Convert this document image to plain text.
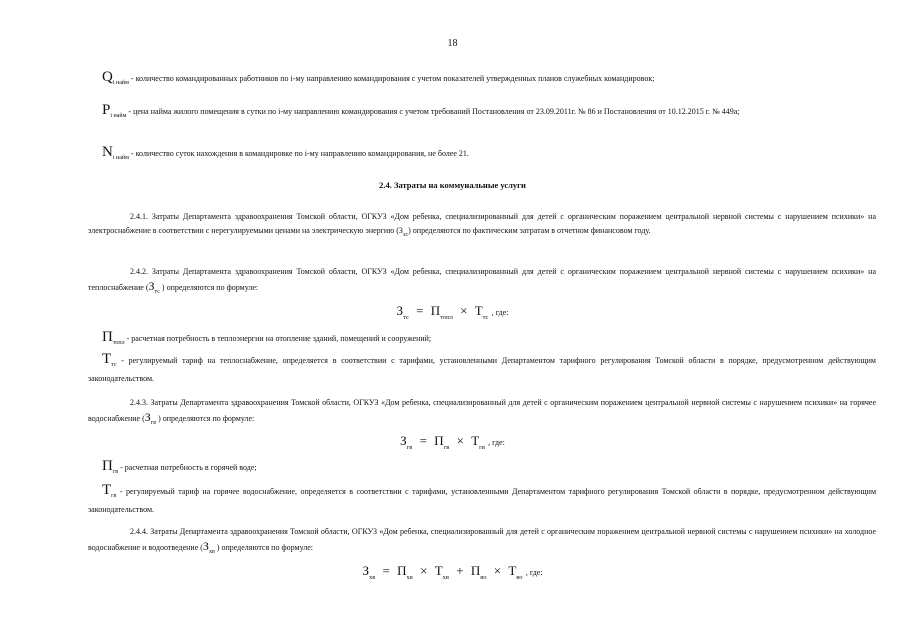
18
$Q_{i найм}$ - количество командированных работников по i-му направлению командирования с учетом показателей утвержденных планов служебных командировок;
$P_{i найм}$ - цена найма жилого помещения в сутки по i-му направлению командирования с учетом требований Постановления от 23.09.2011г. № 86 и Постановления от 10.12.2015 г. № 449а;
$N_{i найм}$ - количество суток нахождения в командировке по i-му направлению командирования, не более 21.
2.4. Затраты на коммунальные услуги
2.4.1. Затраты Департамента здравоохранения Томской области, ОГКУЗ «Дом ребенка, специализированный для детей с органическим поражением центральной нервной системы с нарушением психики» на электроснабжение в соответствии с нерегулируемыми ценами на электрическую энергию $(З_{эс})$ определяются по фактическим затратам в отчетном финансовом году.
2.4.2. Затраты Департамента здравоохранения Томской области, ОГКУЗ «Дом ребенка, специализированный для детей с органическим поражением центральной нервной системы с нарушением психики» на теплоснабжение ($З_{тс}$ ) определяются по формуле:
$З_{тс} = П_{топл} \times Т_{тс}$ , где:
$П_{топл}$ - расчетная потребность в теплоэнергии на отопление зданий, помещений и сооружений;
$Т_{тс}$ - регулируемый тариф на теплоснабжение, определяется в соответствии с тарифами, установленными Департаментом тарифного регулирования Томской области в порядке, предусмотренном действующим законодательством.
2.4.3. Затраты Департамента здравоохранения Томской области, ОГКУЗ «Дом ребенка, специализированный для детей с органическим поражением центральной нервной системы с нарушением психики» на горячее водоснабжение ($З_{гв}$ ) определяются по формуле:
$З_{гв} = П_{гв} \times Т_{гв}$ , где:
$П_{гв}$ - расчетная потребность в горячей воде;
$Т_{гв}$ - регулируемый тариф на горячее водоснабжение, определяется в соответствии с тарифами, установленными Департаментом тарифного регулирования Томской области в порядке, предусмотренном действующим законодательством.
2.4.4. Затраты Департамента здравоохранения Томской области, ОГКУЗ «Дом ребенка, специализированный для детей с органическим поражением центральной нервной системы с нарушением психики» на холодное водоснабжение и водоотведение ($З_{хв}$ ) определяются по формуле:
$З_{хв} = П_{хв} \times Т_{хв} + П_{во} \times Т_{во}$ , где:
